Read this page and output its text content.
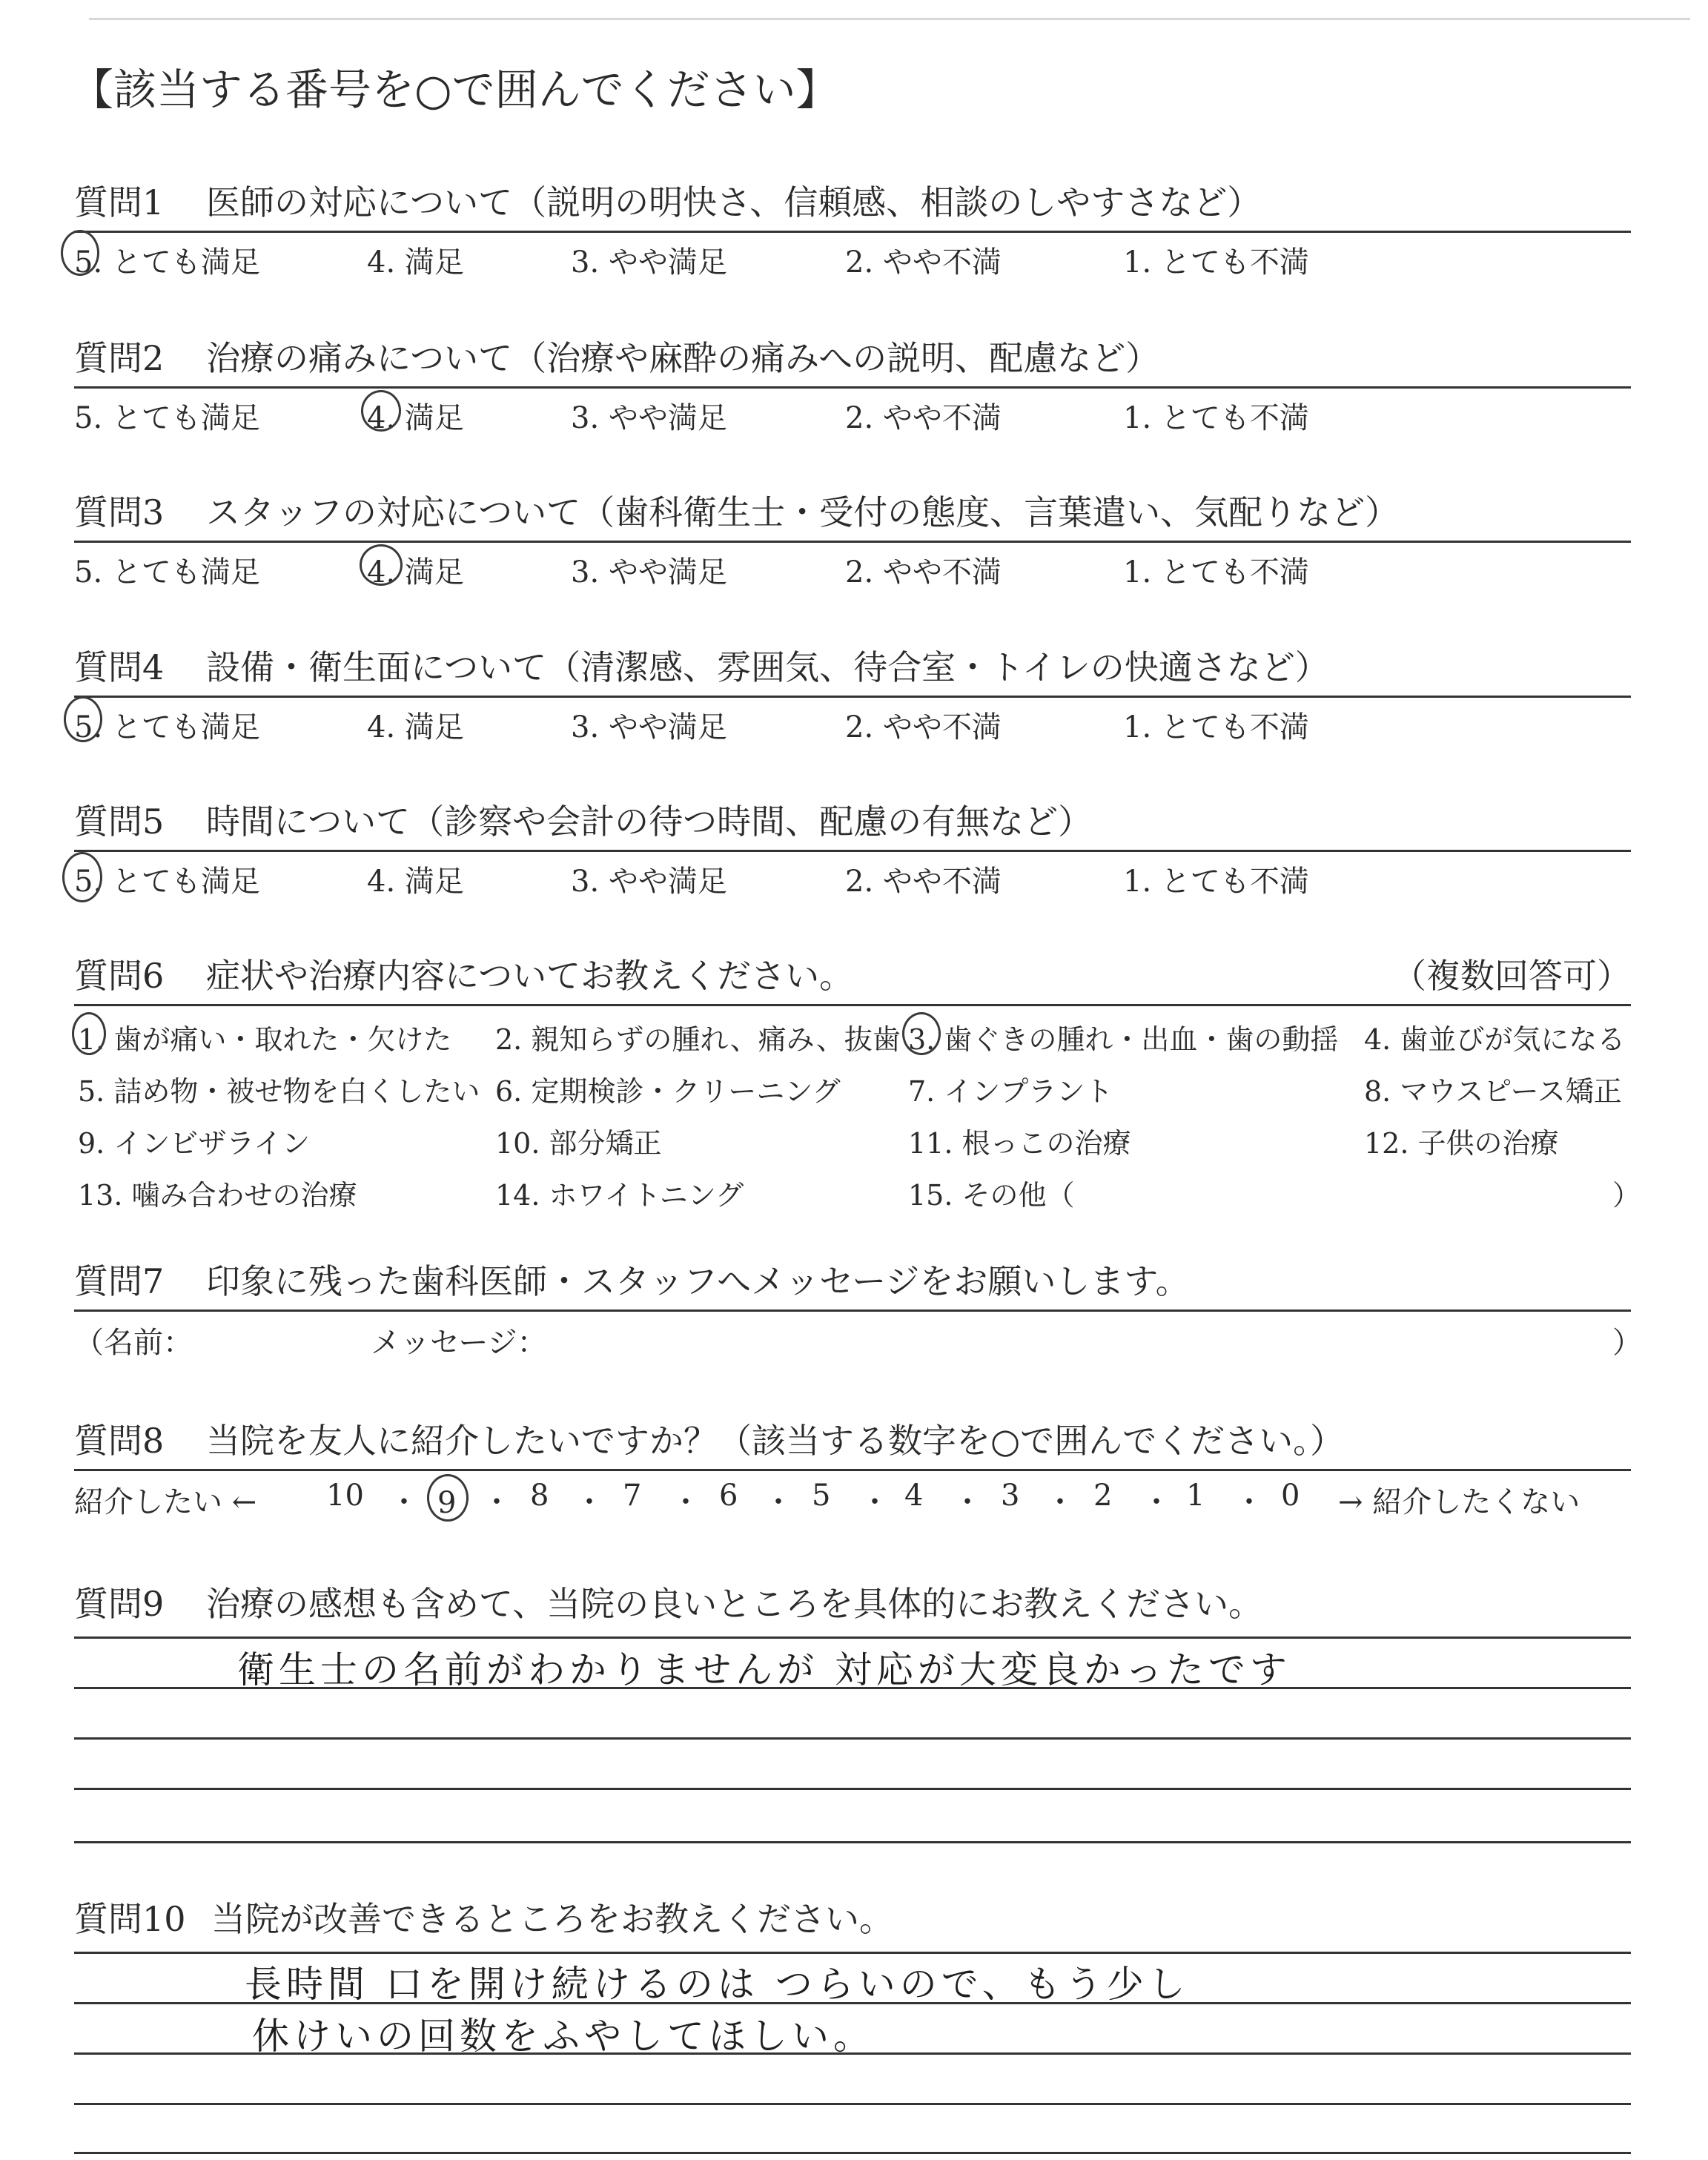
【該当する番号を○で囲んでください】
質問1 医師の対応について（説明の明快さ、信頼感、相談のしやすさなど）
5. とても満足	4. 満足	3. やや満足	2. やや不満	1. とても不満
質問2 治療の痛みについて（治療や麻酔の痛みへの説明、配慮など）
5. とても満足	4. 満足	3. やや満足	2. やや不満	1. とても不満
質問3 スタッフの対応について（歯科衛生士・受付の態度、言葉遣い、気配りなど）
5. とても満足	4. 満足	3. やや満足	2. やや不満	1. とても不満
質問4 設備・衛生面について（清潔感、雰囲気、待合室・トイレの快適さなど）
5. とても満足	4. 満足	3. やや満足	2. やや不満	1. とても不満
質問5 時間について（診察や会計の待つ時間、配慮の有無など）
5. とても満足	4. 満足	3. やや満足	2. やや不満	1. とても不満
質問6 症状や治療内容についてお教えください。	（複数回答可）
1. 歯が痛い・取れた・欠けた 2. 親知らずの腫れ、痛み、抜歯 3. 歯ぐきの腫れ・出血・歯の動揺 4. 歯並びが気になる
5. 詰め物・被せ物を白くしたい 6. 定期検診・クリーニング 7. インプラント	8. マウスピース矯正
9. インビザライン	10. 部分矯正	11. 根っこの治療	12. 子供の治療
13. 噛み合わせの治療	14. ホワイトニング	15. その他（	）
質問7 印象に残った歯科医師・スタッフへメッセージをお願いします。
（名前：	メッセージ：	）
質問8 当院を友人に紹介したいですか？（該当する数字を○で囲んでください。）
紹介したい ← 10 ・ 9 ・ 8 ・ 7 ・ 6 ・ 5 ・ 4 ・ 3 ・ 2 ・ 1 ・ 0 → 紹介したくない
質問9 治療の感想も含めて、当院の良いところを具体的にお教えください。
衛生士の名前がわかりませんが 対応が大変良かったです
質問10 当院が改善できるところをお教えください。
長時間 口を開け続けるのは つらいので、もう少し
休けいの回数をふやしてほしい。
